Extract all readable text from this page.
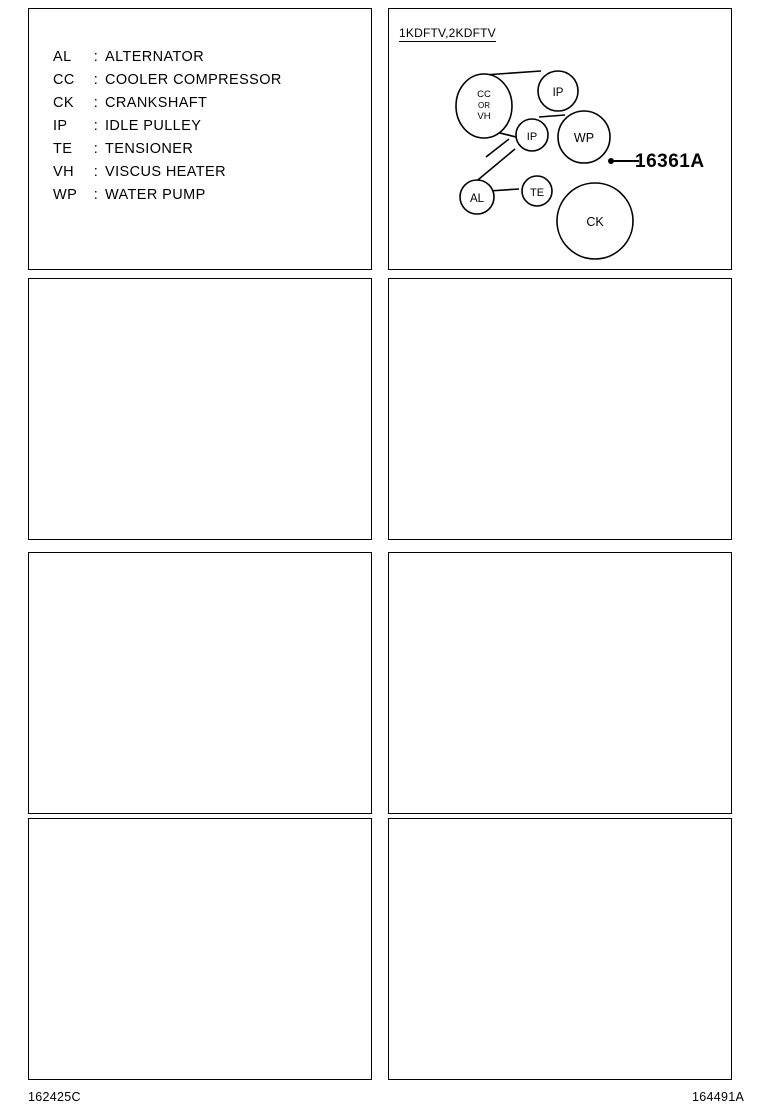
AL	: ALTERNATOR
CC	: COOLER COMPRESSOR
CK	: CRANKSHAFT
IP	: IDLE PULLEY
TE	: TENSIONER
VH	: VISCUS HEATER
WP	: WATER PUMP
1KDFTV,2KDFTV
CC
OR
VH
IP
IP	WP
AL	TE
CK
16361A
162425C	164491A
